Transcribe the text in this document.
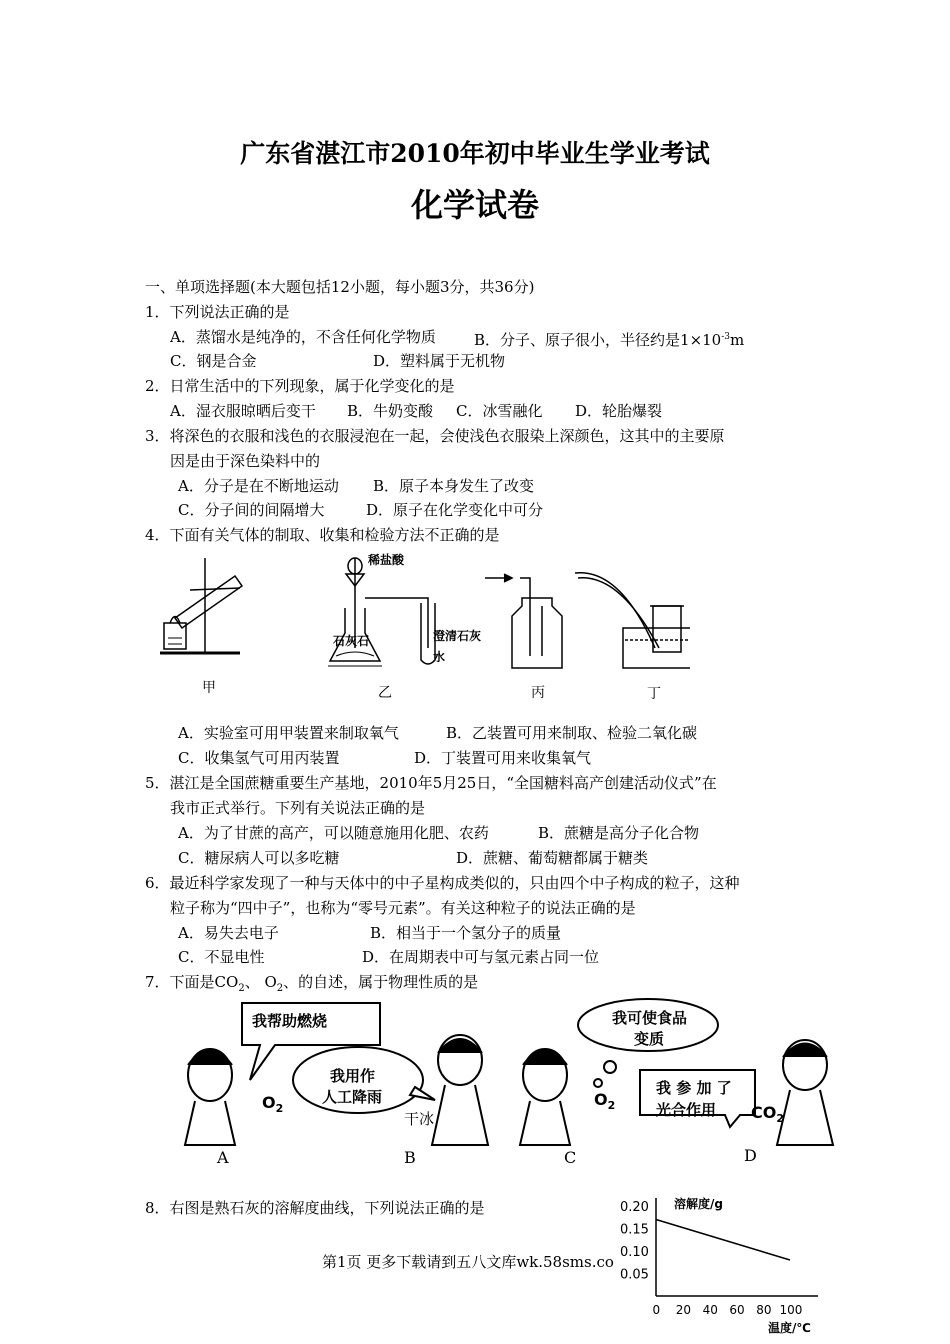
广东省湛江市2010年初中毕业生学业考试
化学试卷
一、单项选择题(本大题包括12小题，每小题3分，共36分)
1．下列说法正确的是
A．蒸馏水是纯净的，不含任何化学物质	B．分子、原子很小，半径约是$1\times 10^{-3}m$
C．钢是合金	D．塑料属于无机物
2．日常生活中的下列现象，属于化学变化的是
A．湿衣服晾晒后变干 B．牛奶变酸 C．冰雪融化 D．轮胎爆裂
3．将深色的衣服和浅色的衣服浸泡在一起，会使浅色衣服染上深颜色，这其中的主要原
因是由于深色染料中的
A．分子是在不断地运动 B．原子本身发生了改变
C．分子间的间隔增大	D．原子在化学变化中可分
4．下面有关气体的制取、收集和检验方法不正确的是
甲	乙	丙	丁
稀盐酸
石灰石	澄清石灰
水
A．实验室可用甲装置来制取氧气	B．乙装置可用来制取、检验二氧化碳
C．收集氢气可用丙装置	D．丁装置可用来收集氧气
5．湛江是全国蔗糖重要生产基地，2010年5月25日，“全国糖料高产创建活动仪式”在
我市正式举行。下列有关说法正确的是
A．为了甘蔗的高产，可以随意施用化肥、农药	B．蔗糖是高分子化合物
C．糖尿病人可以多吃糖	D．蔗糖、葡萄糖都属于糖类
6．最近科学家发现了一种与天体中的中子星构成类似的，只由四个中子构成的粒子，这种
粒子称为“四中子”，也称为“零号元素”。有关这种粒子的说法正确的是
A．易失去电子	B．相当于一个氢分子的质量
C．不显电性	D．在周期表中可与氢元素占同一位
7．下面是$CO_2$、 $O_2$、的自述，属于物理性质的是
我帮助燃烧
我用作
人工降雨
我可使食品
变质
我 参 加 了
光合作用
$O_2$
干冰
$O_2$	$CO_2$
A	B	C	D
8．右图是熟石灰的溶解度曲线，下列说法正确的是	溶解度/g
温度/℃
0.20
0.15
0.10
0.05
0 20 40 60 80 100
第1页 更多下载请到五八文库wk.58sms.co
